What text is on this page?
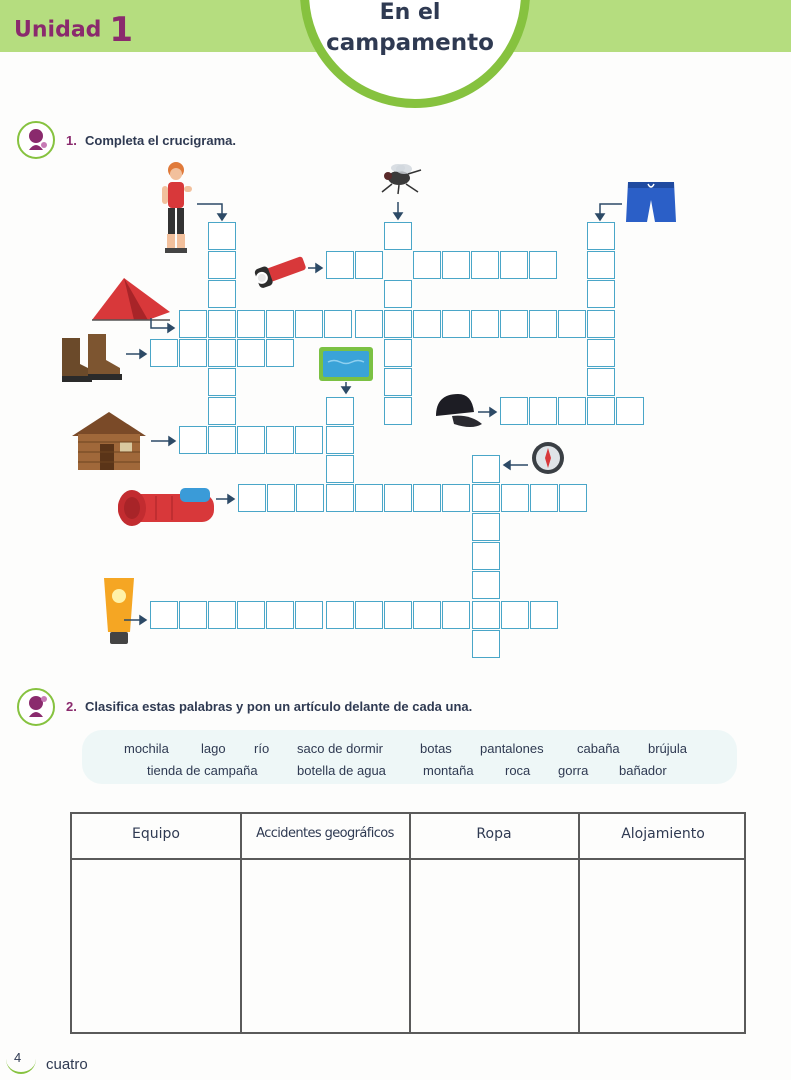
Unidad 1	En el
campamento
1. Completa el crucigrama.
2. Clasifica estas palabras y pon un artículo delante de cada una.
mochila lago río saco de dormir	botas pantalones	cabaña brújula
tienda de campaña	botella de agua	montaña roca gorra bañador
Equipo	Accidentes geográficos	Ropa	Alojamiento
4 cuatro
